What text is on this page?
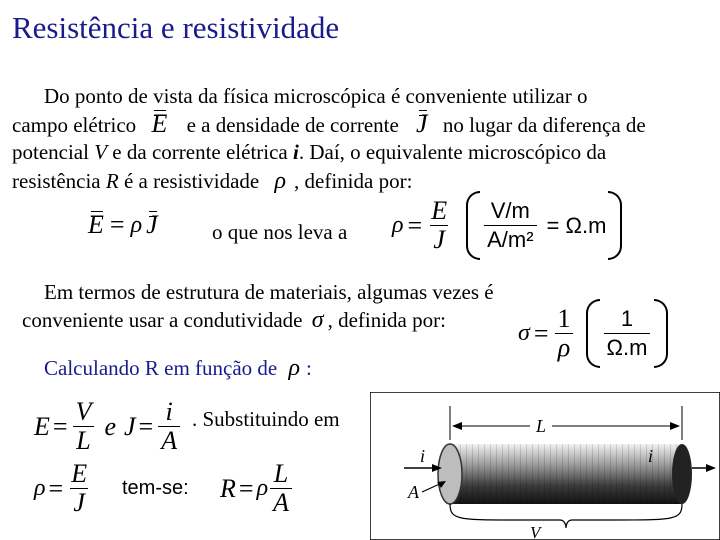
Resistência e resistividade
Do ponto de vista da física microscópica é conveniente utilizar o
campo elétrico E e a densidade de corrente J no lugar da diferença de
potencial V e da corrente elétrica i. Daí, o equivalente microscópico da
resistência R é a resistividade ρ , definida por:
E = ρ J	o que nos leva a $\rho = \frac{E}{J} \frac{V/m}{\text{A/m²}} = \Omega.m$
Em termos de estrutura de materiais, algumas vezes é
conveniente usar a condutividade σ , definida por:	$\sigma = \frac{1}{\rho} \frac{1}{\Omega.m}$
Calculando R em função de ρ :
$E = \frac{V}{L}$ e $J = \frac{i}{A}$ . Substituindo em
$\rho = \frac{E}{J} tem-se$: R = ρ $\frac{L}{A}$
L
i	i
A
V
